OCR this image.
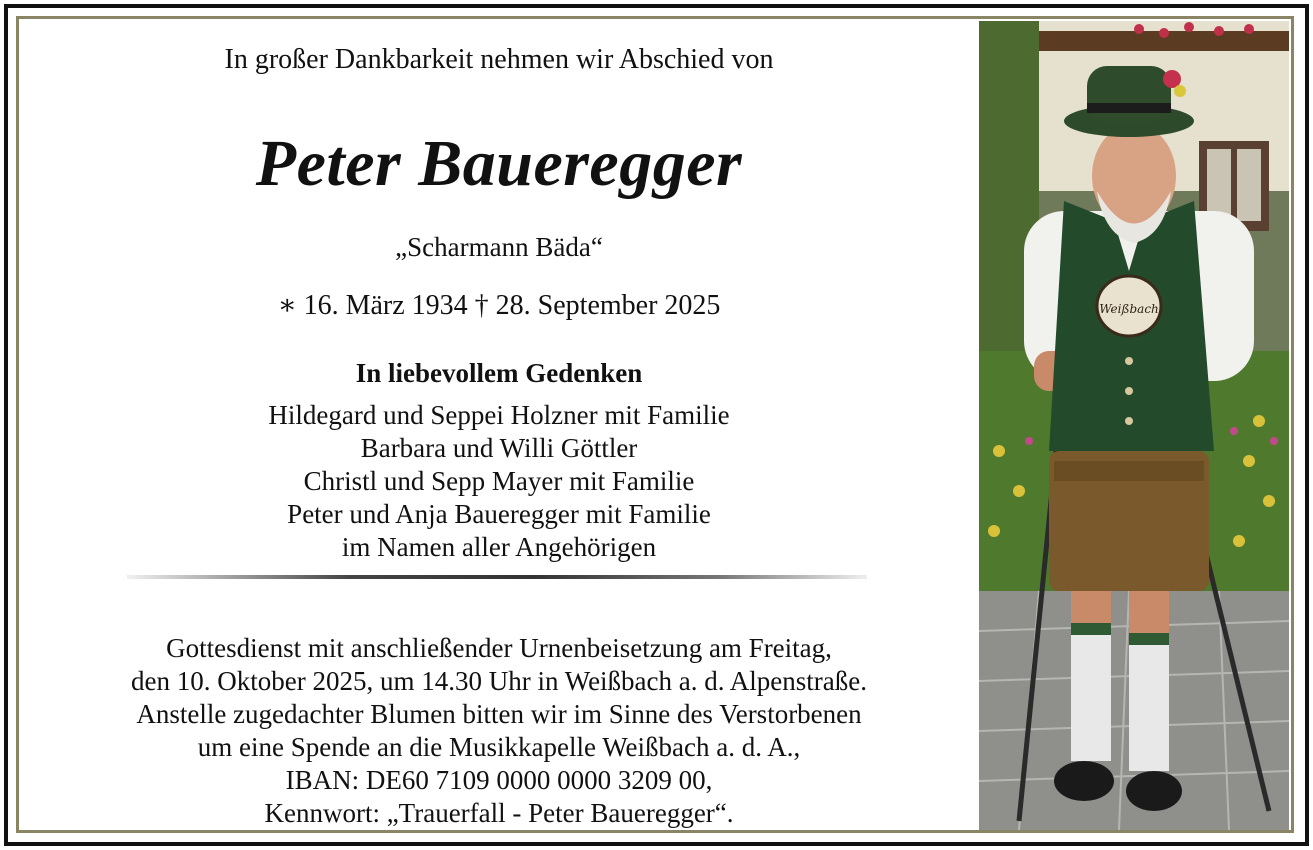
In großer Dankbarkeit nehmen wir Abschied von
Peter Baueregger
„Scharmann Bäda“
∗ 16. März 1934 † 28. September 2025
In liebevollem Gedenken
Hildegard und Seppei Holzner mit Familie
Barbara und Willi Göttler
Christl und Sepp Mayer mit Familie
Peter und Anja Baueregger mit Familie
im Namen aller Angehörigen
Gottesdienst mit anschließender Urnenbeisetzung am Freitag,
den 10. Oktober 2025, um 14.30 Uhr in Weißbach a. d. Alpenstraße.
Anstelle zugedachter Blumen bitten wir im Sinne des Verstorbenen
um eine Spende an die Musikkapelle Weißbach a. d. A.,
IBAN: DE60 7109 0000 0000 3209 00,
Kennwort: „Trauerfall - Peter Baueregger“.
Weißbach
